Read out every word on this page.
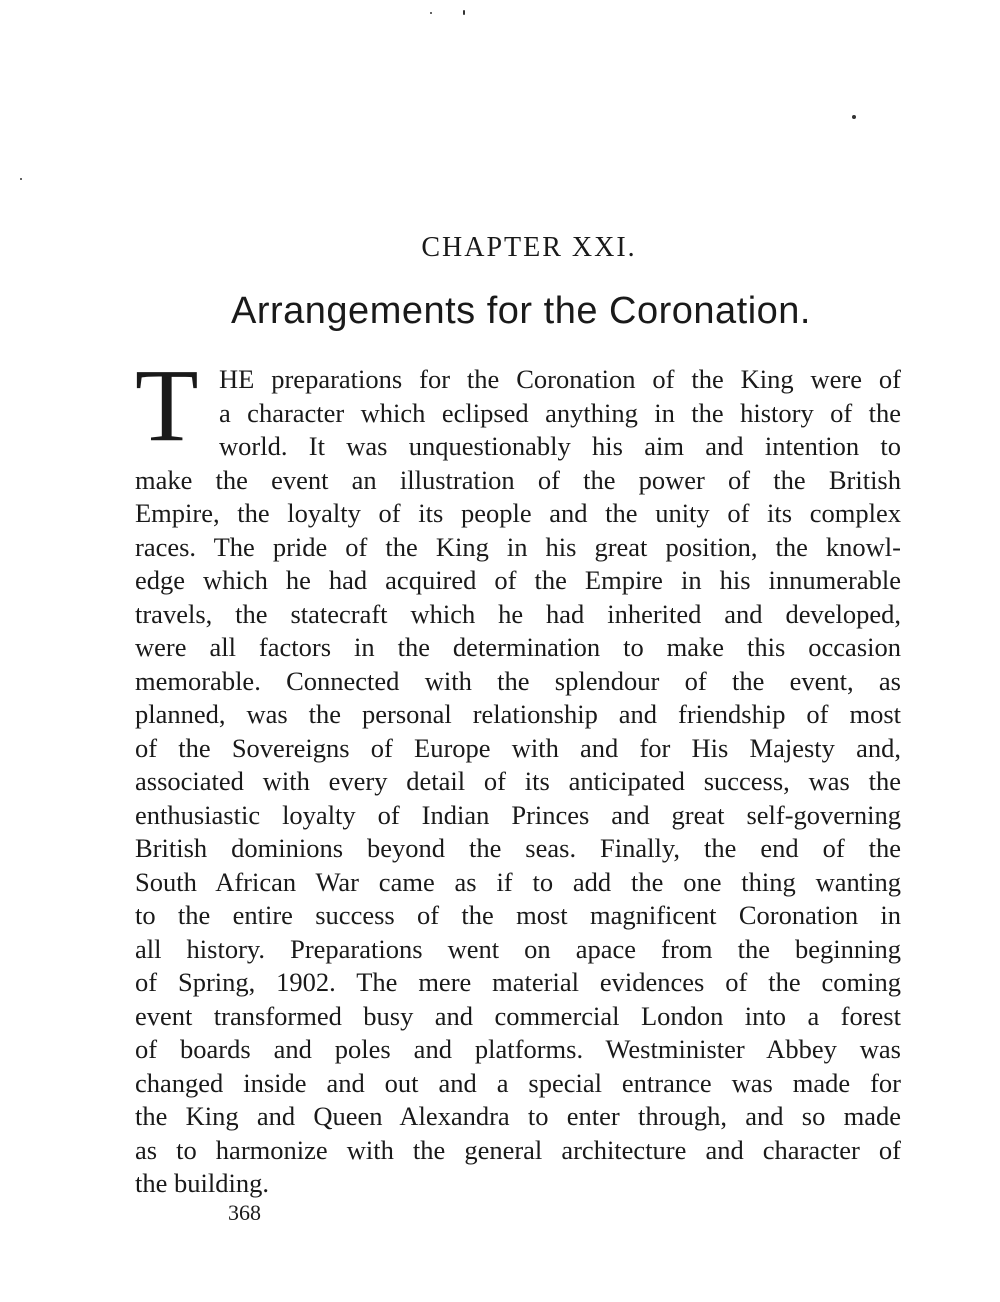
CHAPTER XXI.
Arrangements for the Coronation.
T HE preparations for the Coronation of the King were of
a character which eclipsed anything in the history of the
world. It was unquestionably his aim and intention to
make the event an illustration of the power of the British
Empire, the loyalty of its people and the unity of its complex
races. The pride of the King in his great position, the knowl-
edge which he had acquired of the Empire in his innumerable
travels, the statecraft which he had inherited and developed,
were all factors in the determination to make this occasion
memorable. Connected with the splendour of the event, as
planned, was the personal relationship and friendship of most
of the Sovereigns of Europe with and for His Majesty and,
associated with every detail of its anticipated success, was the
enthusiastic loyalty of Indian Princes and great self-governing
British dominions beyond the seas. Finally, the end of the
South African War came as if to add the one thing wanting
to the entire success of the most magnificent Coronation in
all history. Preparations went on apace from the beginning
of Spring, 1902. The mere material evidences of the coming
event transformed busy and commercial London into a forest
of boards and poles and platforms. Westminister Abbey was
changed inside and out and a special entrance was made for
the King and Queen Alexandra to enter through, and so made
as to harmonize with the general architecture and character of
the building.
368
